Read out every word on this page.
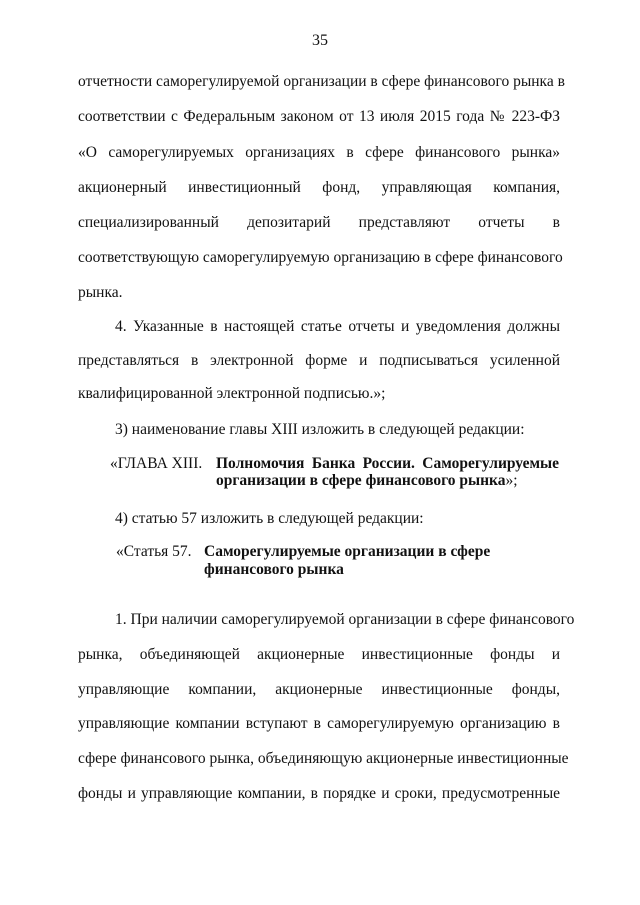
35
отчетности саморегулируемой организации в сфере финансового рынка в
соответствии с Федеральным законом от 13 июля 2015 года № 223-ФЗ
«О саморегулируемых организациях в сфере финансового рынка»
акционерный инвестиционный фонд, управляющая компания,
специализированный депозитарий представляют отчеты в
соответствующую саморегулируемую организацию в сфере финансового
рынка.
4. Указанные в настоящей статье отчеты и уведомления должны
представляться в электронной форме и подписываться усиленной
квалифицированной электронной подписью.»;
3) наименование главы XIII изложить в следующей редакции:
«ГЛАВА XIII. Полномочия Банка России. Саморегулируемые
организации в сфере финансового рынка»;
4) статью 57 изложить в следующей редакции:
«Статья 57. Саморегулируемые организации в сфере
финансового рынка
1. При наличии саморегулируемой организации в сфере финансового
рынка, объединяющей акционерные инвестиционные фонды и
управляющие компании, акционерные инвестиционные фонды,
управляющие компании вступают в саморегулируемую организацию в
сфере финансового рынка, объединяющую акционерные инвестиционные
фонды и управляющие компании, в порядке и сроки, предусмотренные
